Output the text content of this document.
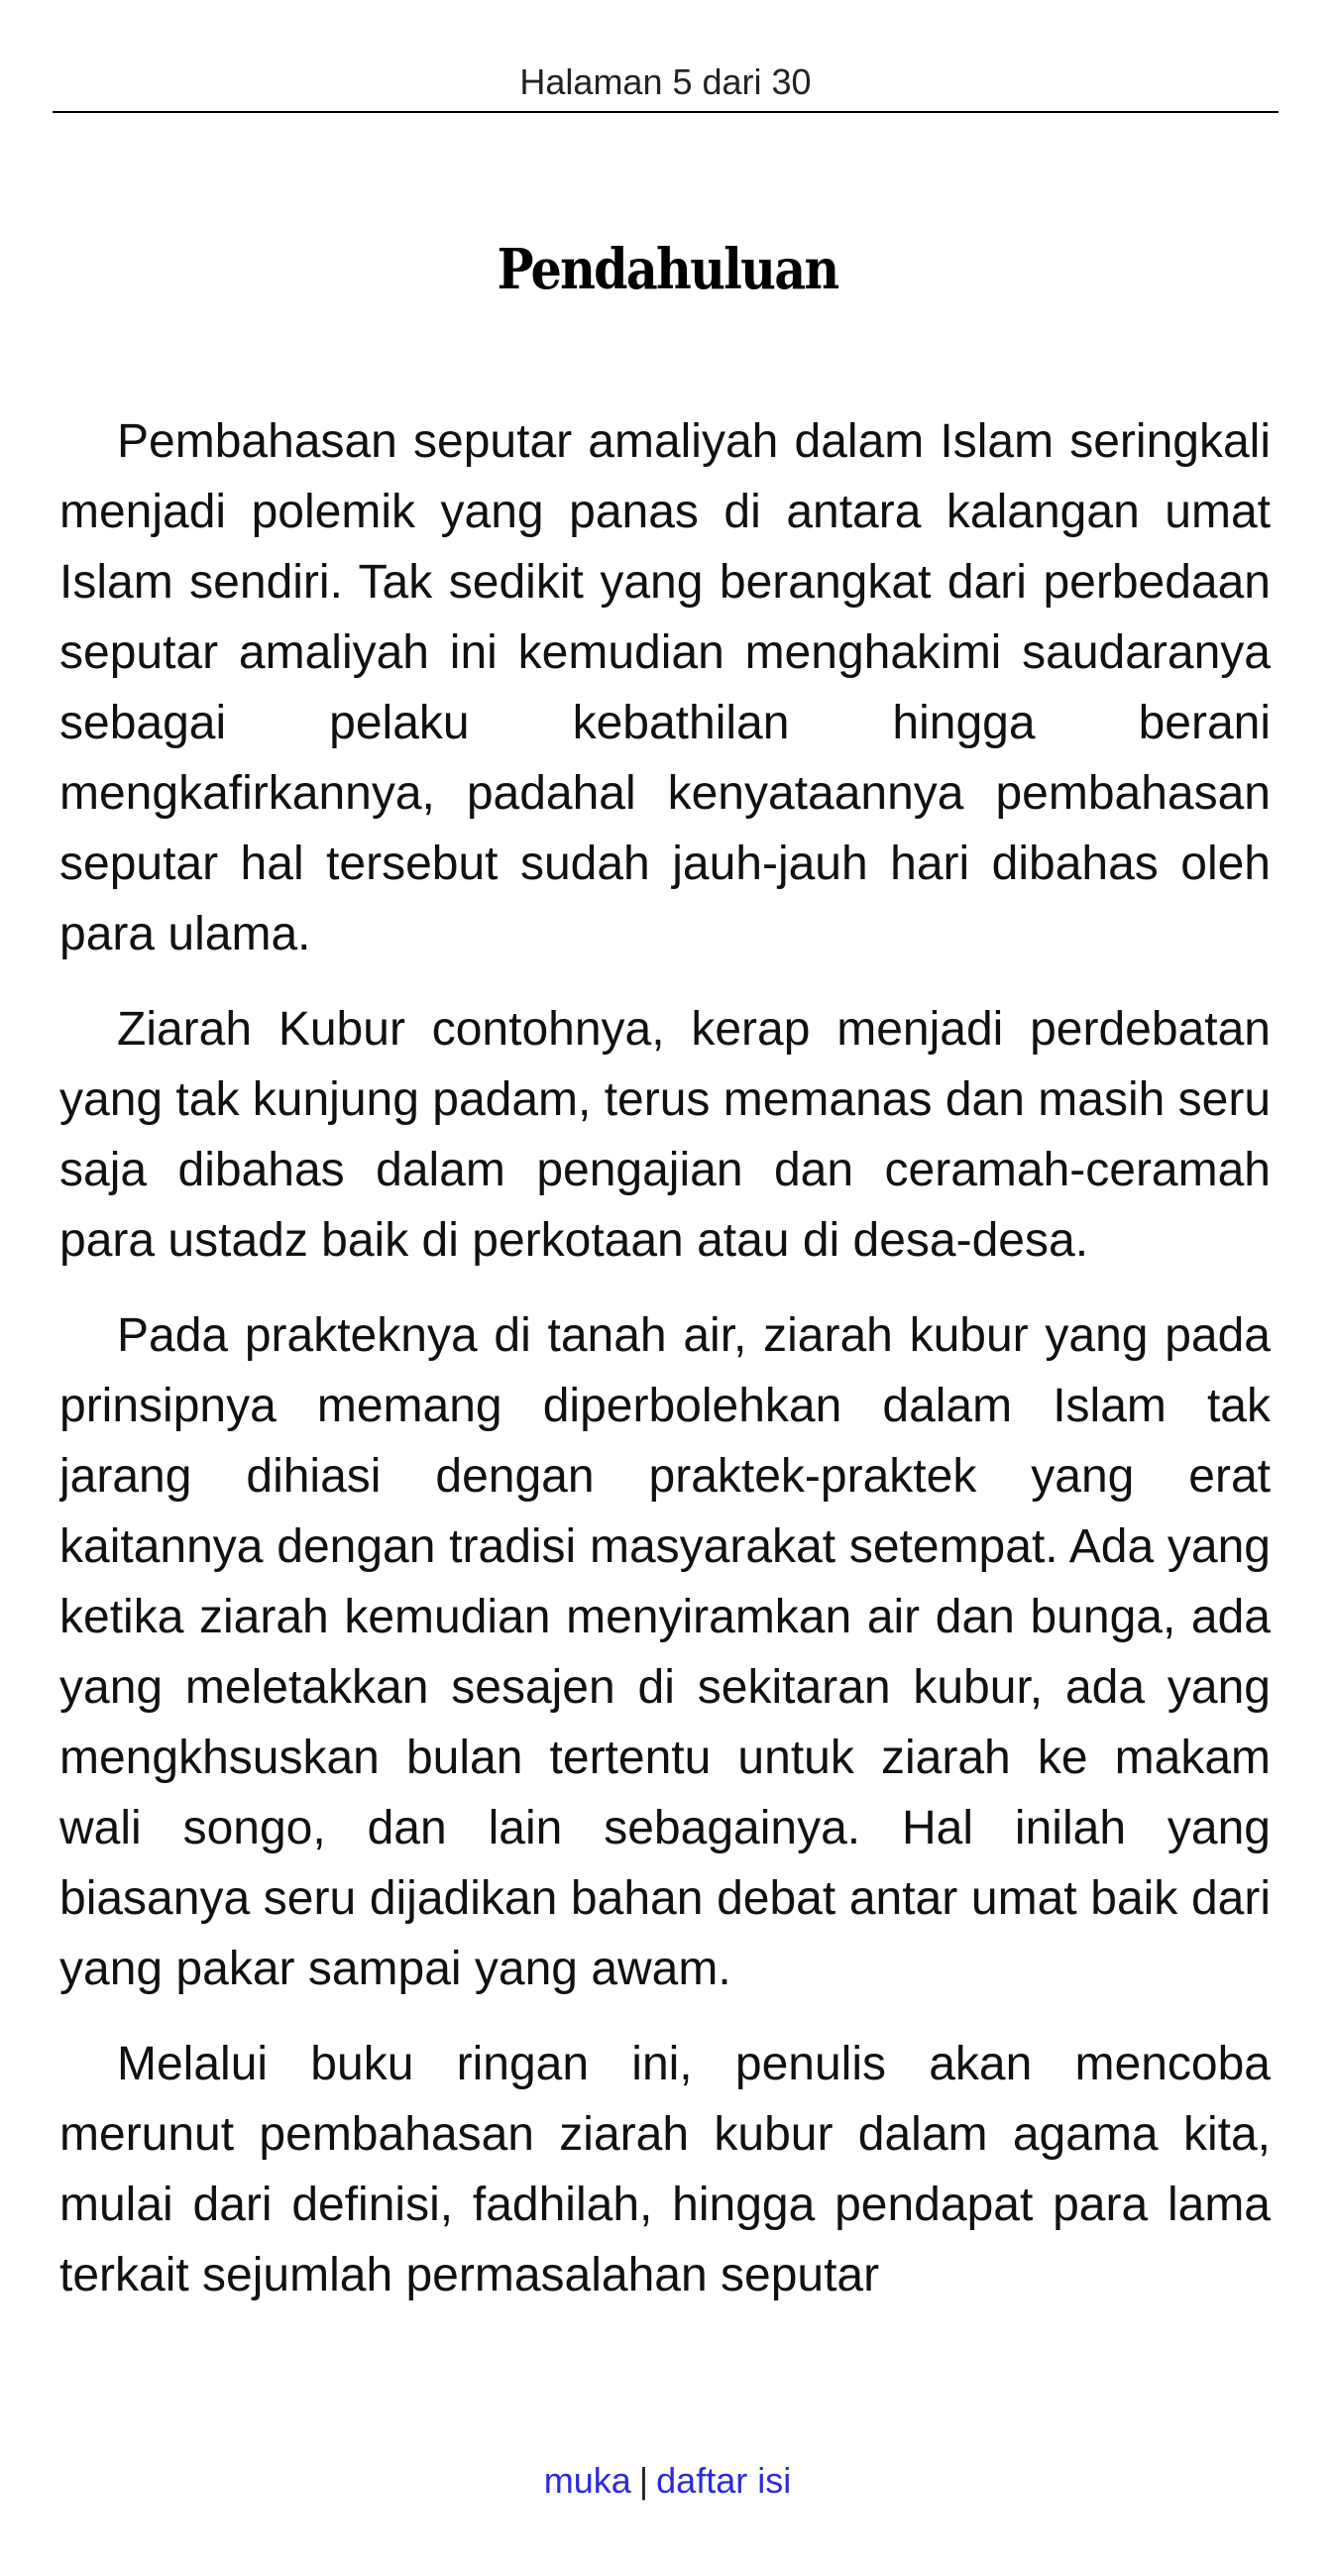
Halaman 5 dari 30
Pendahuluan

Pembahasan seputar amaliyah dalam Islam seringkali menjadi polemik yang panas di antara kalangan umat Islam sendiri. Tak sedikit yang berangkat dari perbedaan seputar amaliyah ini kemudian menghakimi saudaranya sebagai pelaku kebathilan hingga berani mengkafirkannya, padahal kenyataannya pembahasan seputar hal tersebut sudah jauh-jauh hari dibahas oleh para ulama.

Ziarah Kubur contohnya, kerap menjadi perdebatan yang tak kunjung padam, terus memanas dan masih seru saja dibahas dalam pengajian dan ceramah-ceramah para ustadz baik di perkotaan atau di desa-desa.

Pada prakteknya di tanah air, ziarah kubur yang pada prinsipnya memang diperbolehkan dalam Islam tak jarang dihiasi dengan praktek-praktek yang erat kaitannya dengan tradisi masyarakat setempat. Ada yang ketika ziarah kemudian menyiramkan air dan bunga, ada yang meletakkan sesajen di sekitaran kubur, ada yang mengkhsuskan bulan tertentu untuk ziarah ke makam wali songo, dan lain sebagainya. Hal inilah yang biasanya seru dijadikan bahan debat antar umat baik dari yang pakar sampai yang awam.

Melalui buku ringan ini, penulis akan mencoba merunut pembahasan ziarah kubur dalam agama kita, mulai dari definisi, fadhilah, hingga pendapat para lama terkait sejumlah permasalahan seputar

muka | daftar isi
